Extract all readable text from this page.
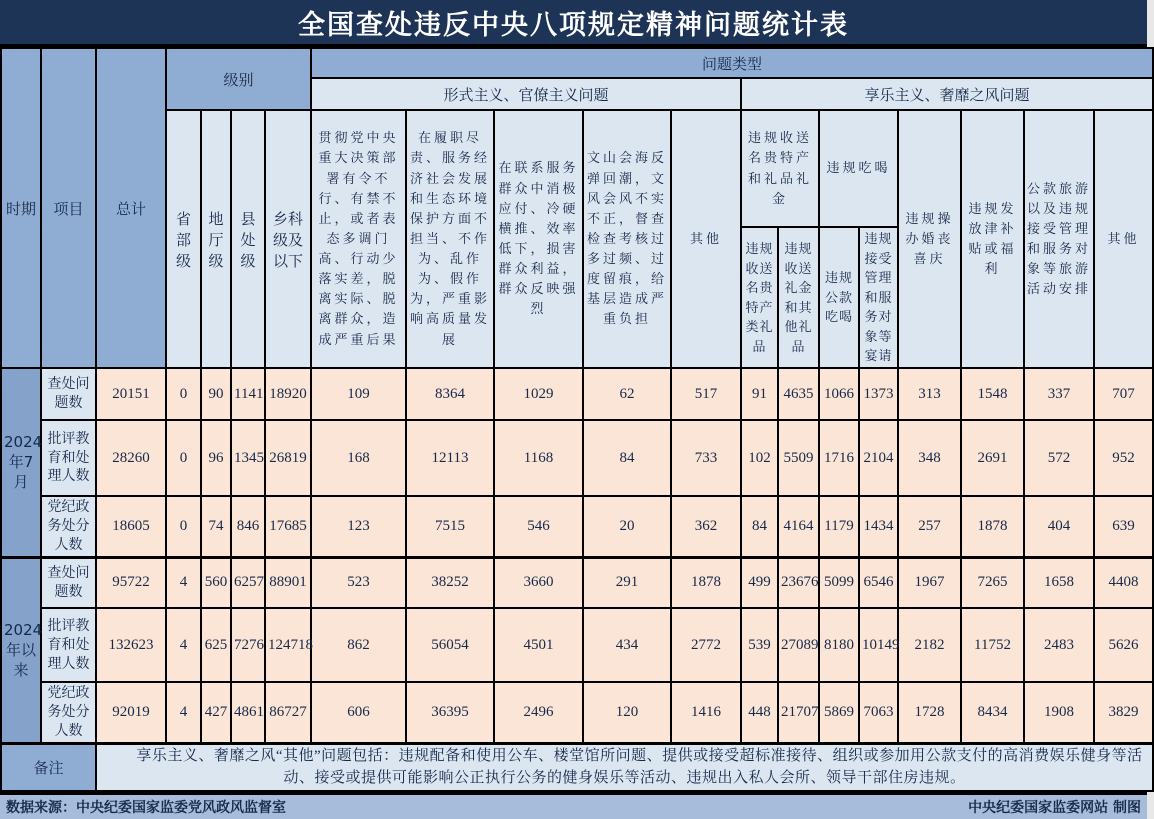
全国查处违反中央八项规定精神问题统计表
时期	项目	总计	级别				问题类型												
							形式主义、官僚主义问题					享乐主义、奢靡之风问题							
			省部级	地厅级	县处级	乡科级及以下	贯彻党中央重大决策部署有令不行、有禁不止，或者表态多调门高、行动少落实差，脱离实际、脱离群众，造成严重后果	在履职尽责、服务经济社会发展和生态环境保护方面不担当、不作为、乱作为、假作为，严重影响高质量发展	在联系服务群众中消极应付、冷硬横推、效率低下，损害群众利益，群众反映强烈	文山会海反弹回潮，文风会风不实不正，督查检查考核过多过频、过度留痕，给基层造成严重负担	其他	违规收送名贵特产和礼品礼金		违规吃喝		违规操办婚丧喜庆	违规发放津补贴或福利	公款旅游以及违规接受管理和服务对象等旅游活动安排	其他
												违规收送名贵特产类礼品	违规收送礼金和其他礼品	违规公款吃喝	违规接受管理和服务对象等宴请				
2024年7月	查处问题数	20151	0	90	1141	18920	109	8364	1029	62	517	91	4635	1066	1373	313	1548	337	707
	批评教育和处理人数	28260	0	96	1345	26819	168	12113	1168	84	733	102	5509	1716	2104	348	2691	572	952
	党纪政务处分人数	18605	0	74	846	17685	123	7515	546	20	362	84	4164	1179	1434	257	1878	404	639
2024年以来	查处问题数	95722	4	560	6257	88901	523	38252	3660	291	1878	499	23676	5099	6546	1967	7265	1658	4408
	批评教育和处理人数	132623	4	625	7276	124718	862	56054	4501	434	2772	539	27089	8180	10149	2182	11752	2483	5626
	党纪政务处分人数	92019	4	427	4861	86727	606	36395	2496	120	1416	448	21707	5869	7063	1728	8434	1908	3829
备注		享乐主义、奢靡之风“其他”问题包括：违规配备和使用公车、楼堂馆所问题、提供或接受超标准接待、组织或参加用公款支付的高消费娱乐健身等活动、接受或提供可能影响公正执行公务的健身娱乐等活动、违规出入私人会所、领导干部住房违规。																	
数据来源：中央纪委国家监委党风政风监督室	中央纪委国家监委网站 制图
